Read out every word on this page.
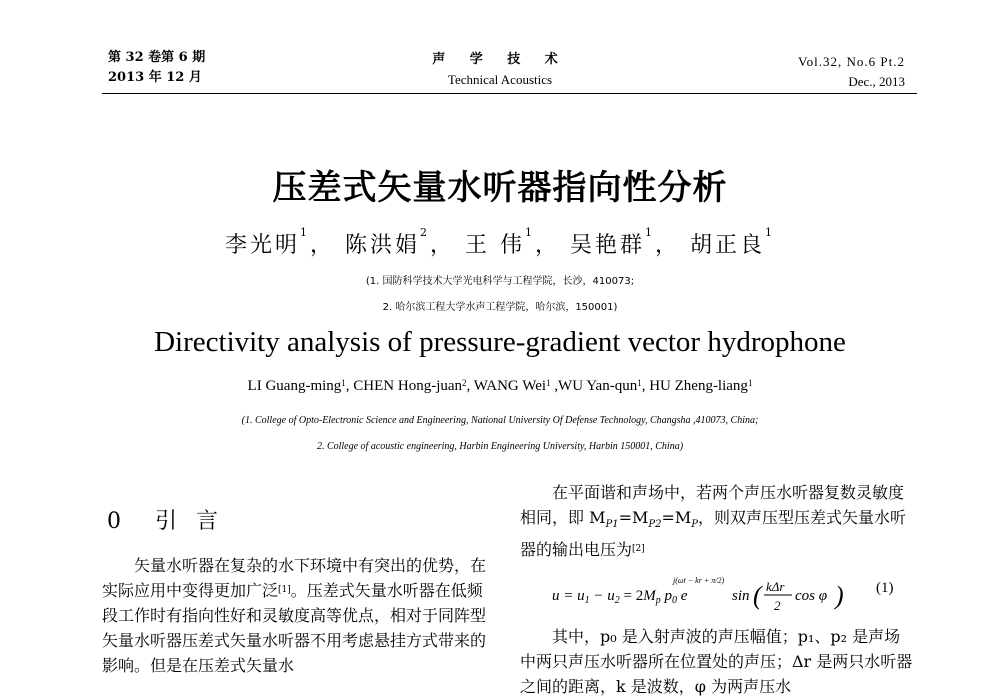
第 32 卷第 6 期
2013 年 12 月
声 学 技 术
Technical Acoustics
Vol.32, No.6 Pt.2
Dec., 2013
压差式矢量水听器指向性分析
李光明$^1$， 陈洪娟$^2$， 王 伟$^1$， 吴艳群$^1$， 胡正良$^1$
(1. 国防科学技术大学光电科学与工程学院，长沙，410073;
2. 哈尔滨工程大学水声工程学院，哈尔滨，150001)
Directivity analysis of pressure-gradient vector hydrophone
LI Guang-ming$^1$, CHEN Hong-juan$^2$, WANG Wei$^1$ ,WU Yan-qun$^1$, HU Zheng-liang$^1$
(1. College of Opto-Electronic Science and Engineering, National University Of Defense Technology, Changsha ,410073, China;
2. College of acoustic engineering, Harbin Engineering University, Harbin 150001, China)
0　引 言

矢量水听器在复杂的水下环境中有突出的优势，在实际应用中变得更加广泛[1]。压差式矢量水听器在低频段工作时有指向性好和灵敏度高等优点，相对于同阵型矢量水听器压差式矢量水听器不用考虑悬挂方式带来的影响。但是在压差式矢量水

在平面谐和声场中，若两个声压水听器复数灵敏度相同，即 $M_{P1}=M_{P2}=M_P$，则双声压型压差式矢量水听器的输出电压为[2]

$u = u_1 - u_2 = 2M_p$ $p_0$ e
j(ωt − kr + π/2)
sin ( kΔr
2
cos φ ) (1)

其中，p₀ 是入射声波的声压幅值；p₁、p₂ 是声场中两只声压水听器所在位置处的声压；Δr 是两只水听器之间的距离，k 是波数，φ 为两声压水
